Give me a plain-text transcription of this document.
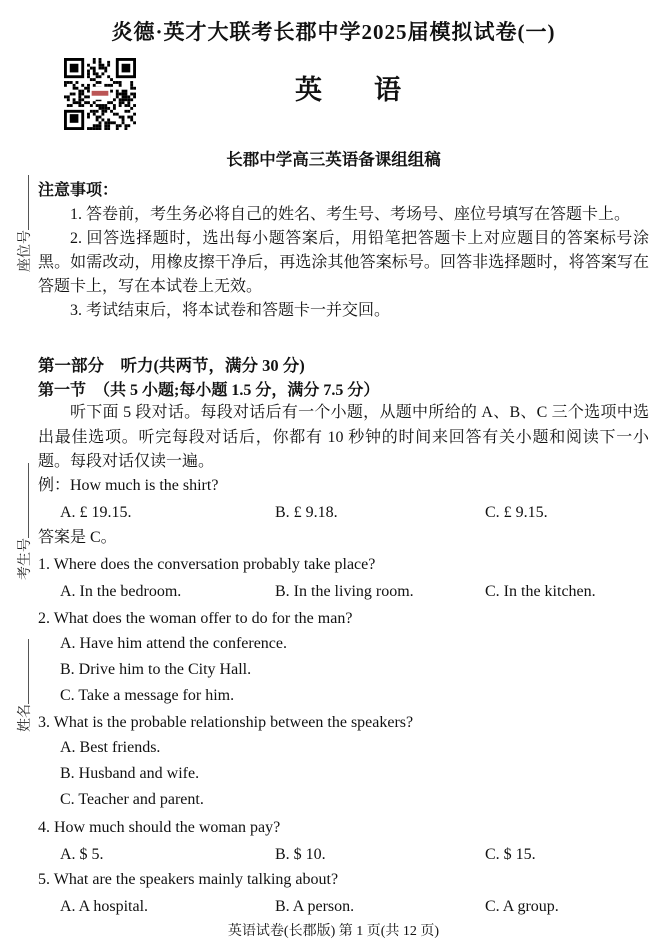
炎德·英才大联考长郡中学2025届模拟试卷(一)
英语
长郡中学高三英语备课组组稿
注意事项：

1. 答卷前，考生务必将自己的姓名、考生号、考场号、座位号填写在答题卡上。

2. 回答选择题时，选出每小题答案后，用铅笔把答题卡上对应题目的答案标号涂黑。如需改动，用橡皮擦干净后，再选涂其他答案标号。回答非选择题时，将答案写在答题卡上，写在本试卷上无效。

3. 考试结束后，将本试卷和答题卡一并交回。

第一部分　听力(共两节，满分 30 分)
第一节　（共 5 小题;每小题 1.5 分，满分 7.5 分）

听下面 5 段对话。每段对话后有一个小题，从题中所给的 A、B、C 三个选项中选出最佳选项。听完每段对话后，你都有 10 秒钟的时间来回答有关小题和阅读下一小题。每段对话仅读一遍。

例：How much is the shirt?
A. £ 19.15.	B. £ 9.18.	C. £ 9.15.
答案是 C。
1. Where does the conversation probably take place?
A. In the bedroom.	B. In the living room.	C. In the kitchen.
2. What does the woman offer to do for the man?
A. Have him attend the conference.
B. Drive him to the City Hall.
C. Take a message for him.
3. What is the probable relationship between the speakers?
A. Best friends.
B. Husband and wife.
C. Teacher and parent.
4. How much should the woman pay?
A. $ 5.	B. $ 10.	C. $ 15.
5. What are the speakers mainly talking about?
A. A hospital.	B. A person.	C. A group.
英语试卷(长郡版) 第 1 页(共 12 页)
座位号
考生号
姓名
